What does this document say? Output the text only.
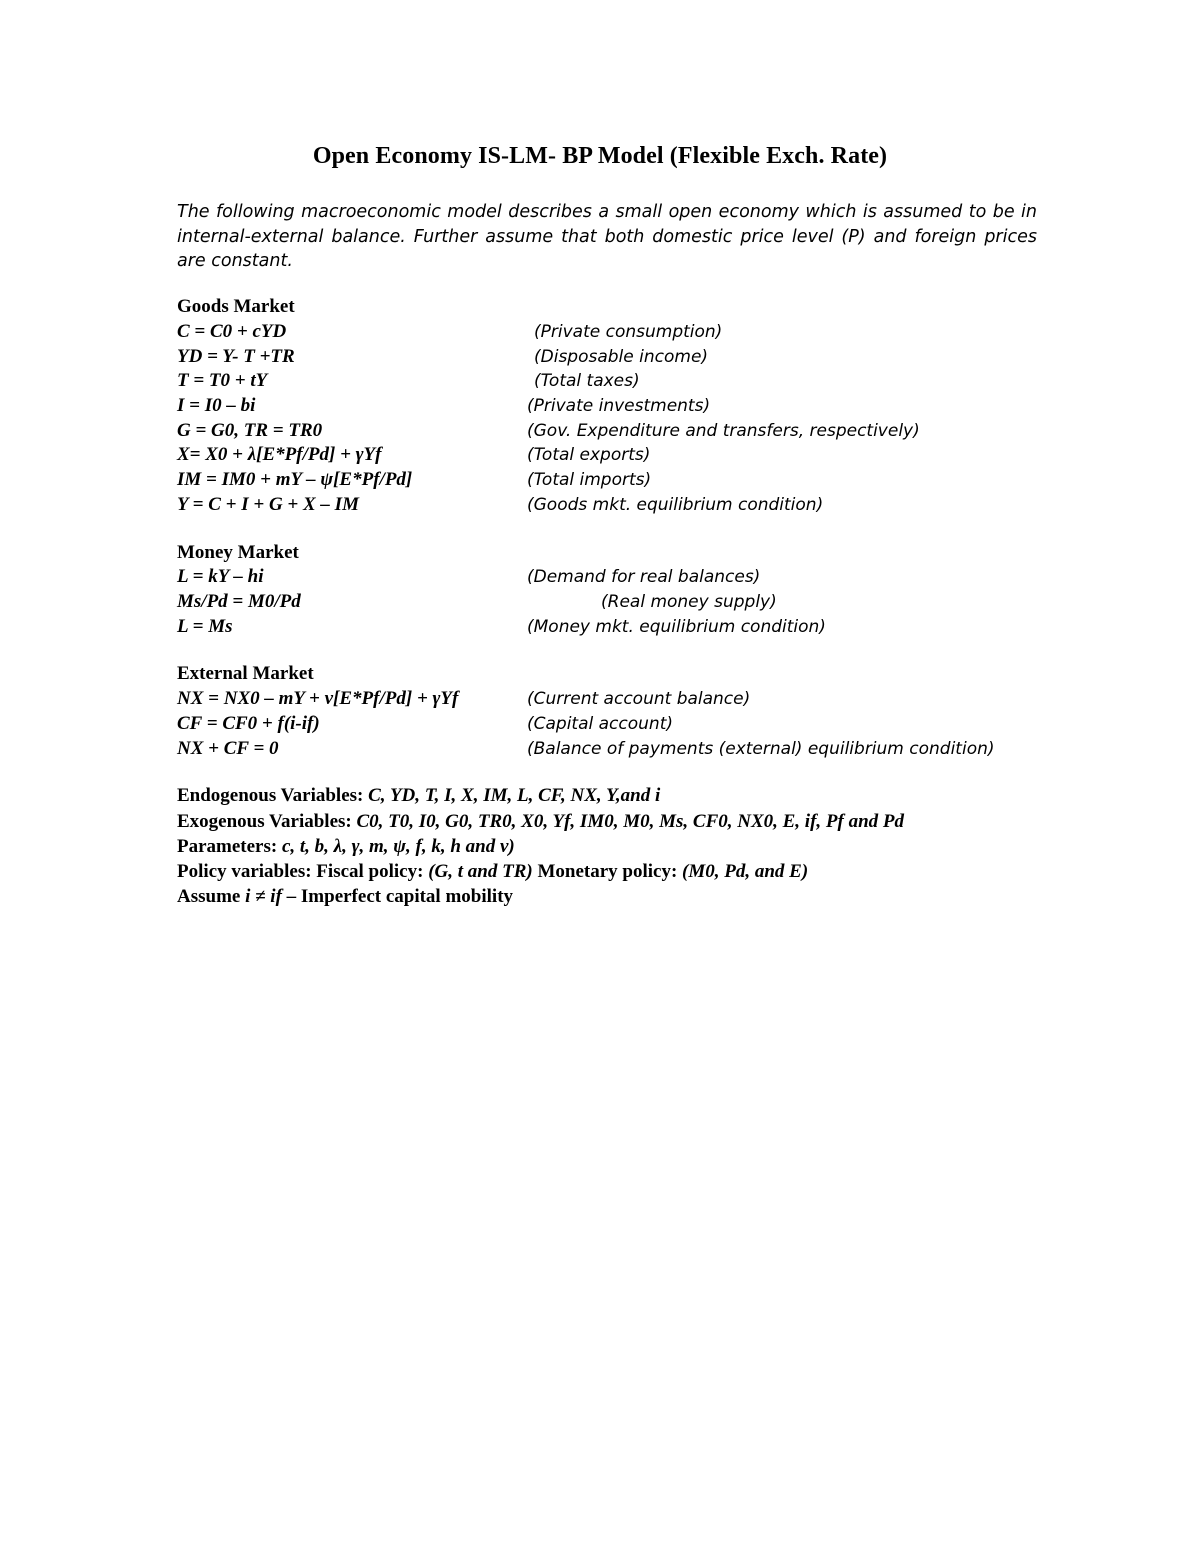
Open Economy IS-LM- BP Model (Flexible Exch. Rate)
The following macroeconomic model describes a small open economy which is assumed to be in internal-external balance. Further assume that both domestic price level (P) and foreign prices are constant.
Goods Market
C = C0 + cYD	(Private consumption)
YD = Y- T +TR	(Disposable income)
T = T0 + tY	(Total taxes)
I = I0 – bi	(Private investments)
G = G0, TR = TR0	(Gov. Expenditure and transfers, respectively)
X= X0 + λ[E*Pf/Pd] + γYf	(Total exports)
IM = IM0 + mY – ψ[E*Pf/Pd]	(Total imports)
Y = C + I + G + X – IM	(Goods mkt. equilibrium condition)
Money Market
L = kY – hi	(Demand for real balances)
Ms/Pd = M0/Pd	(Real money supply)
L = Ms	(Money mkt. equilibrium condition)
External Market
NX = NX0 – mY + v[E*Pf/Pd] + γYf	(Current account balance)
CF = CF0 + f(i-if)	(Capital account)
NX + CF = 0	(Balance of payments (external) equilibrium condition)
Endogenous Variables: C, YD, T, I, X, IM, L, CF, NX, Y,and i
Exogenous Variables: C0, T0, I0, G0, TR0, X0, Yf, IM0, M0, Ms, CF0, NX0, E, if, Pf and Pd
Parameters: c, t, b, λ, γ, m, ψ, f, k, h and v)
Policy variables: Fiscal policy: (G, t and TR) Monetary policy: (M0, Pd, and E)
Assume i ≠ if – Imperfect capital mobility
